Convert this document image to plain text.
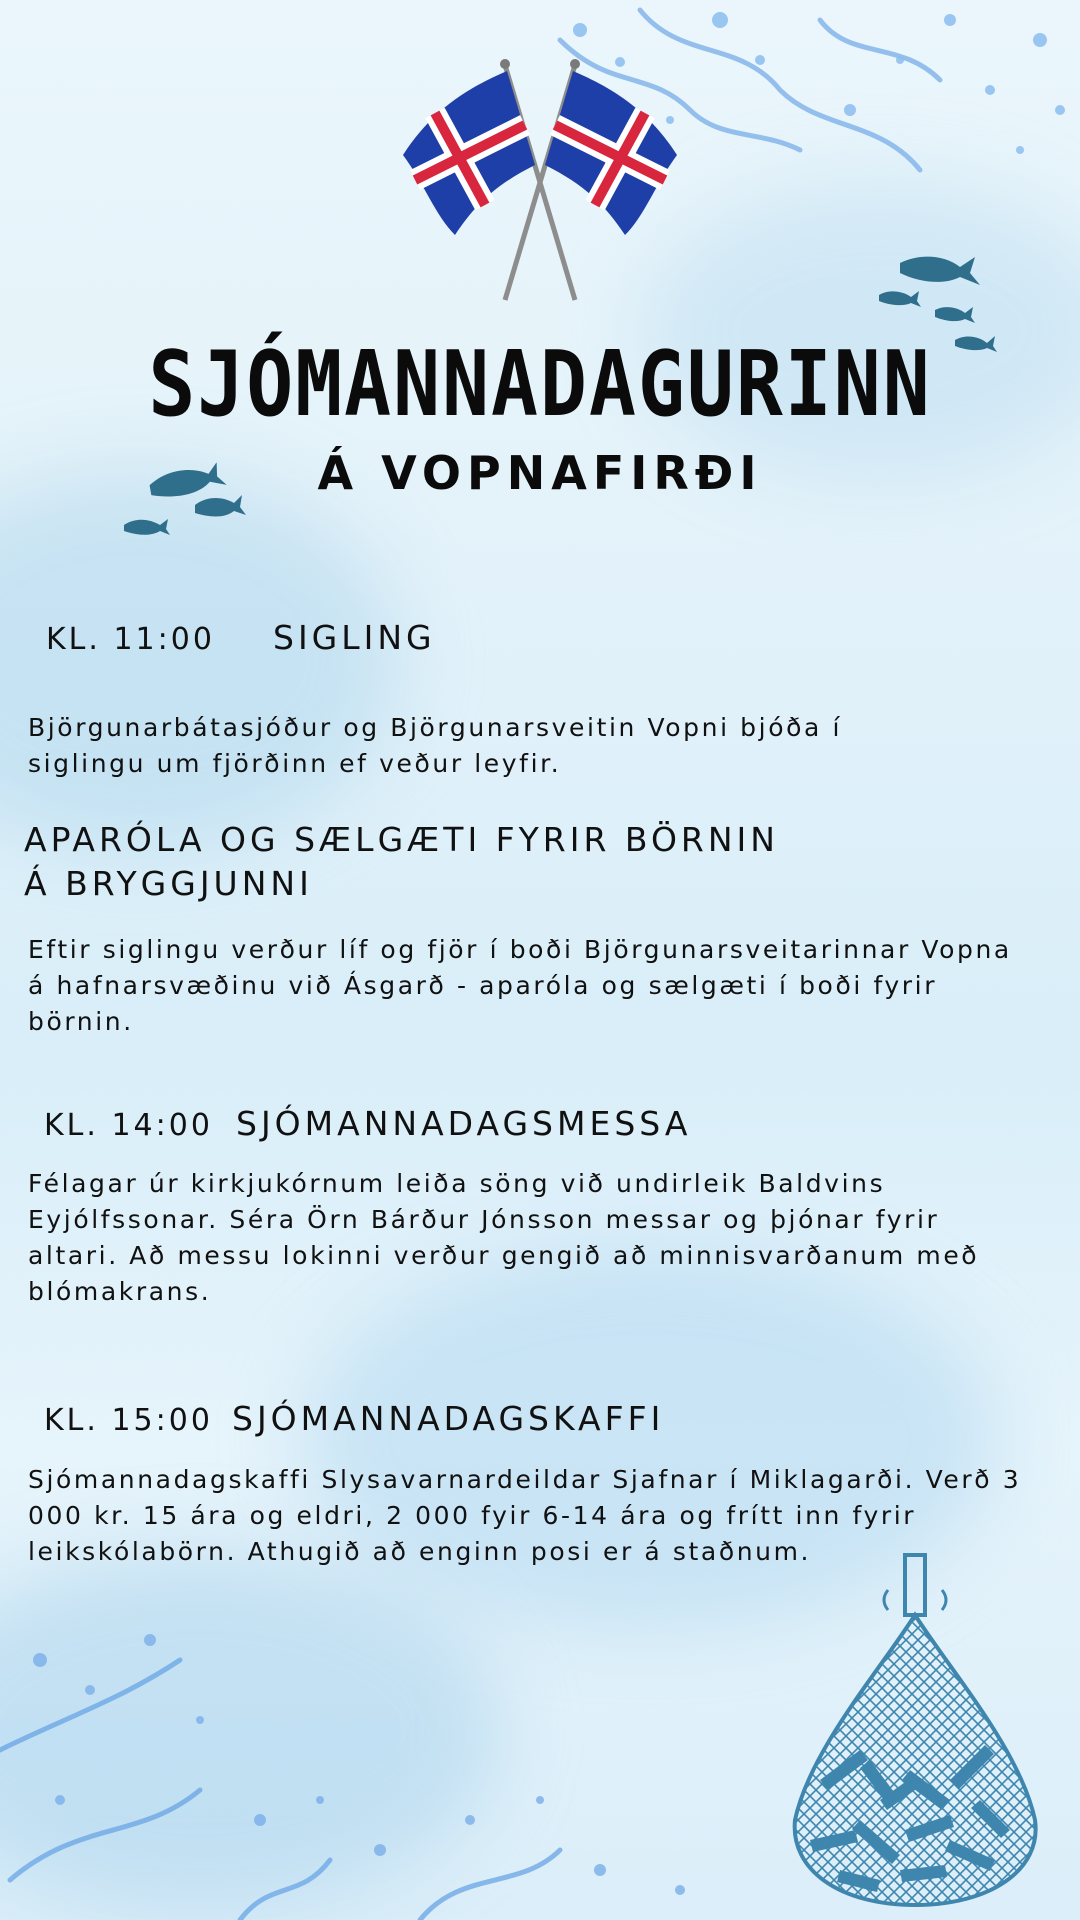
SJÓMANNADAGURINN
Á VOPNAFIRÐI
KL. 11:00	SIGLING

Björgunarbátasjóður og Björgunarsveitin Vopni bjóða í siglingu um fjörðinn ef veður leyfir.

APARÓLA OG SÆLGÆTI FYRIR BÖRNIN
Á BRYGGJUNNI

Eftir siglingu verður líf og fjör í boði Björgunarsveitarinnar Vopna á hafnarsvæðinu við Ásgarð - aparóla og sælgæti í boði fyrir börnin.

KL. 14:00 SJÓMANNADAGSMESSA

Félagar úr kirkjukórnum leiða söng við undirleik Baldvins Eyjólfssonar. Séra Örn Bárður Jónsson messar og þjónar fyrir altari. Að messu lokinni verður gengið að minnisvarðanum með blómakrans.

KL. 15:00 SJÓMANNADAGSKAFFI

Sjómannadagskaffi Slysavarnardeildar Sjafnar í Miklagarði. Verð 3 000 kr. 15 ára og eldri, 2 000 fyir 6-14 ára og frítt inn fyrir leikskólabörn. Athugið að enginn posi er á staðnum.
